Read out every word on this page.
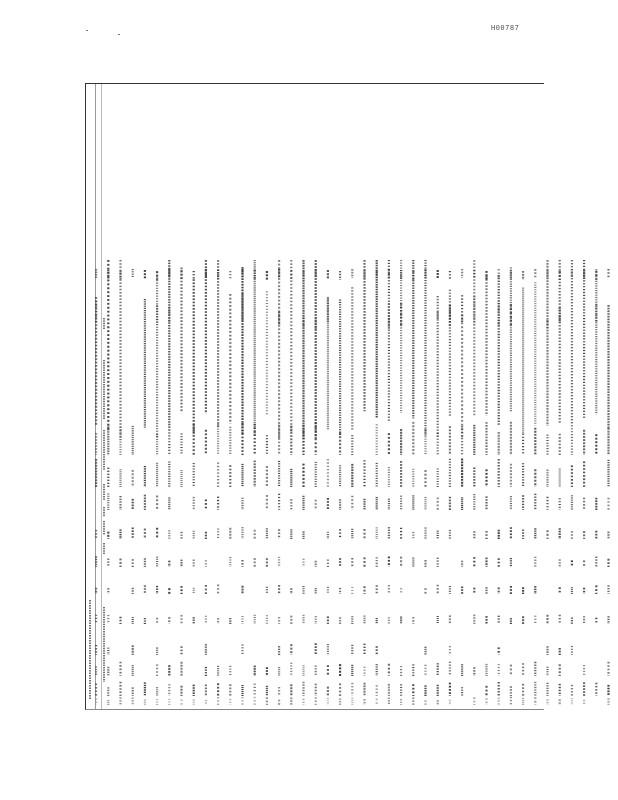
H00787
